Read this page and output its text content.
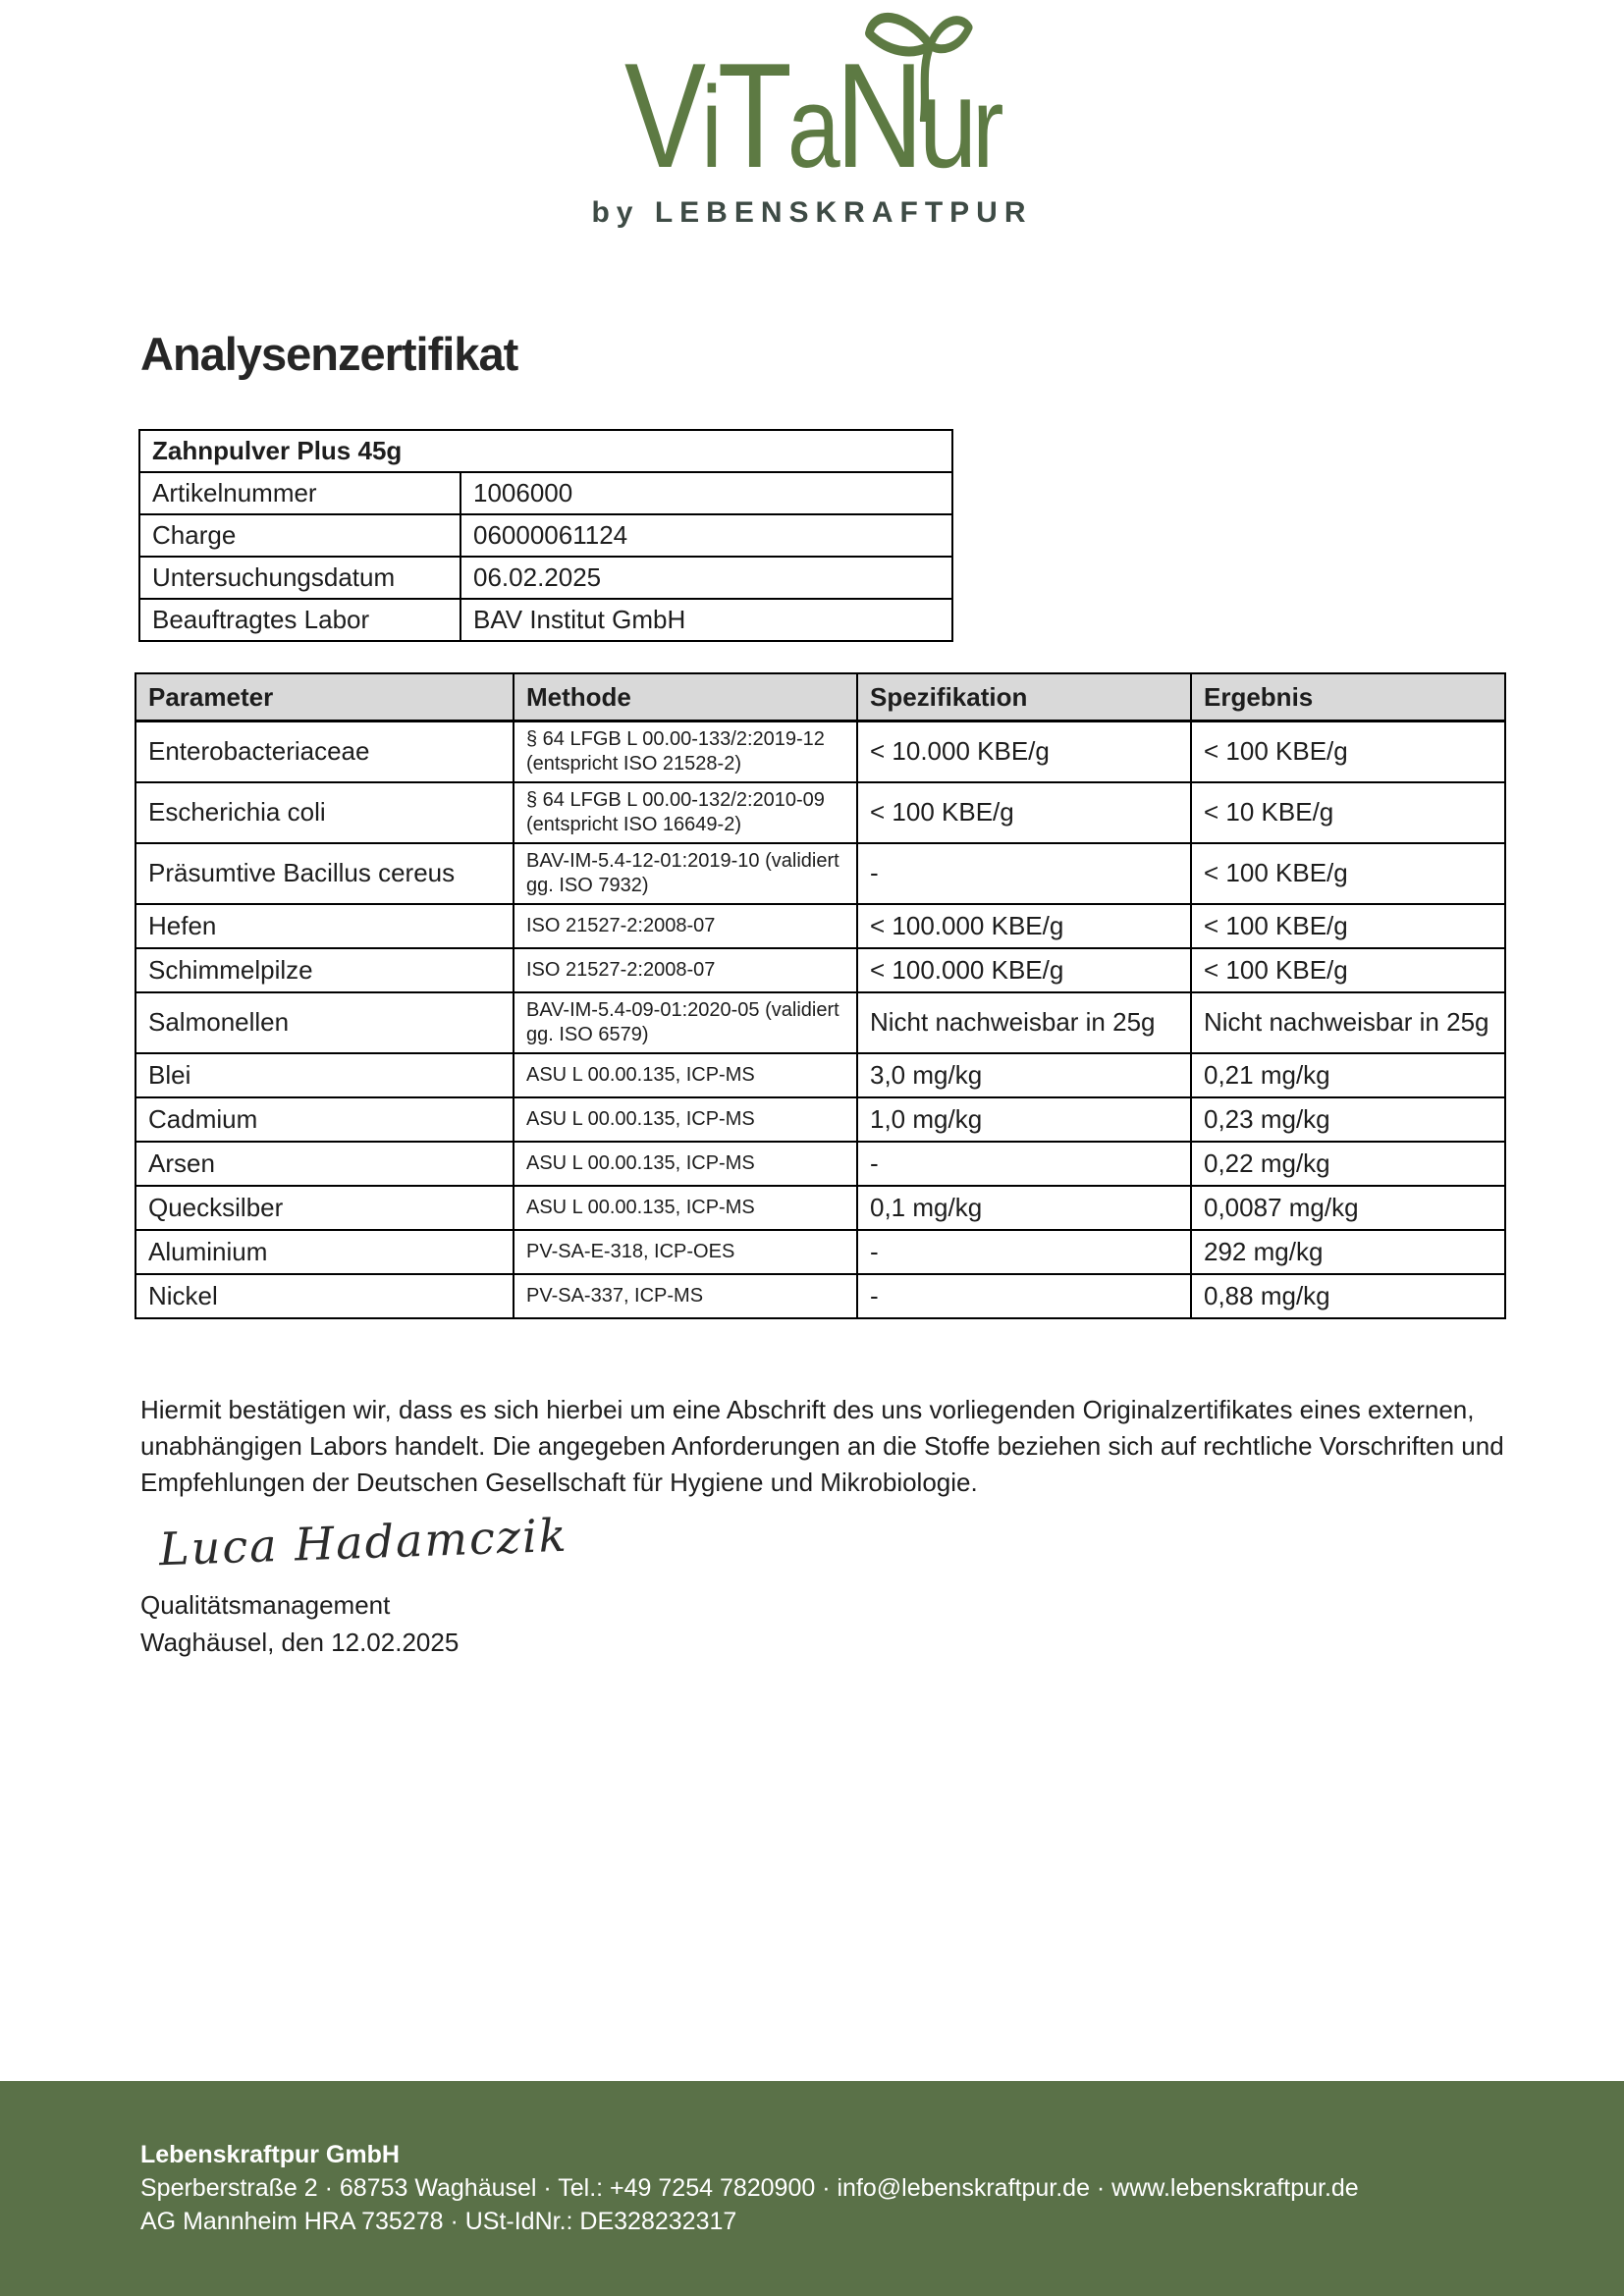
ViTaNur
by LEBENSKRAFTPUR
Analysenzertifikat
Zahnpulver Plus 45g	
Artikelnummer	1006000
Charge	06000061124
Untersuchungsdatum	06.02.2025
Beauftragtes Labor	BAV Institut GmbH
Parameter	Methode	Spezifikation	Ergebnis
Enterobacteriaceae	§ 64 LFGB L 00.00-133/2:2019-12 (entspricht ISO 21528-2)	< 10.000 KBE/g	< 100 KBE/g
Escherichia coli	§ 64 LFGB L 00.00-132/2:2010-09 (entspricht ISO 16649-2)	< 100 KBE/g	< 10 KBE/g
Präsumtive Bacillus cereus	BAV-IM-5.4-12-01:2019-10 (validiert gg. ISO 7932)	-	< 100 KBE/g
Hefen	ISO 21527-2:2008-07	< 100.000 KBE/g	< 100 KBE/g
Schimmelpilze	ISO 21527-2:2008-07	< 100.000 KBE/g	< 100 KBE/g
Salmonellen	BAV-IM-5.4-09-01:2020-05 (validiert gg. ISO 6579)	Nicht nachweisbar in 25g	Nicht nachweisbar in 25g
Blei	ASU L 00.00.135, ICP-MS	3,0 mg/kg	0,21 mg/kg
Cadmium	ASU L 00.00.135, ICP-MS	1,0 mg/kg	0,23 mg/kg
Arsen	ASU L 00.00.135, ICP-MS	-	0,22 mg/kg
Quecksilber	ASU L 00.00.135, ICP-MS	0,1 mg/kg	0,0087 mg/kg
Aluminium	PV-SA-E-318, ICP-OES	-	292 mg/kg
Nickel	PV-SA-337, ICP-MS	-	0,88 mg/kg
Hiermit bestätigen wir, dass es sich hierbei um eine Abschrift des uns vorliegenden Originalzertifikates eines externen, unabhängigen Labors handelt. Die angegeben Anforderungen an die Stoffe beziehen sich auf rechtliche Vorschriften und Empfehlungen der Deutschen Gesellschaft für Hygiene und Mikrobiologie.
Luca Hadamczik
Qualitätsmanagement
Waghäusel, den 12.02.2025
Lebenskraftpur GmbH
Sperberstraße 2 · 68753 Waghäusel · Tel.: +49 7254 7820900 · info@lebenskraftpur.de · www.lebenskraftpur.de
AG Mannheim HRA 735278 · USt-IdNr.: DE328232317
